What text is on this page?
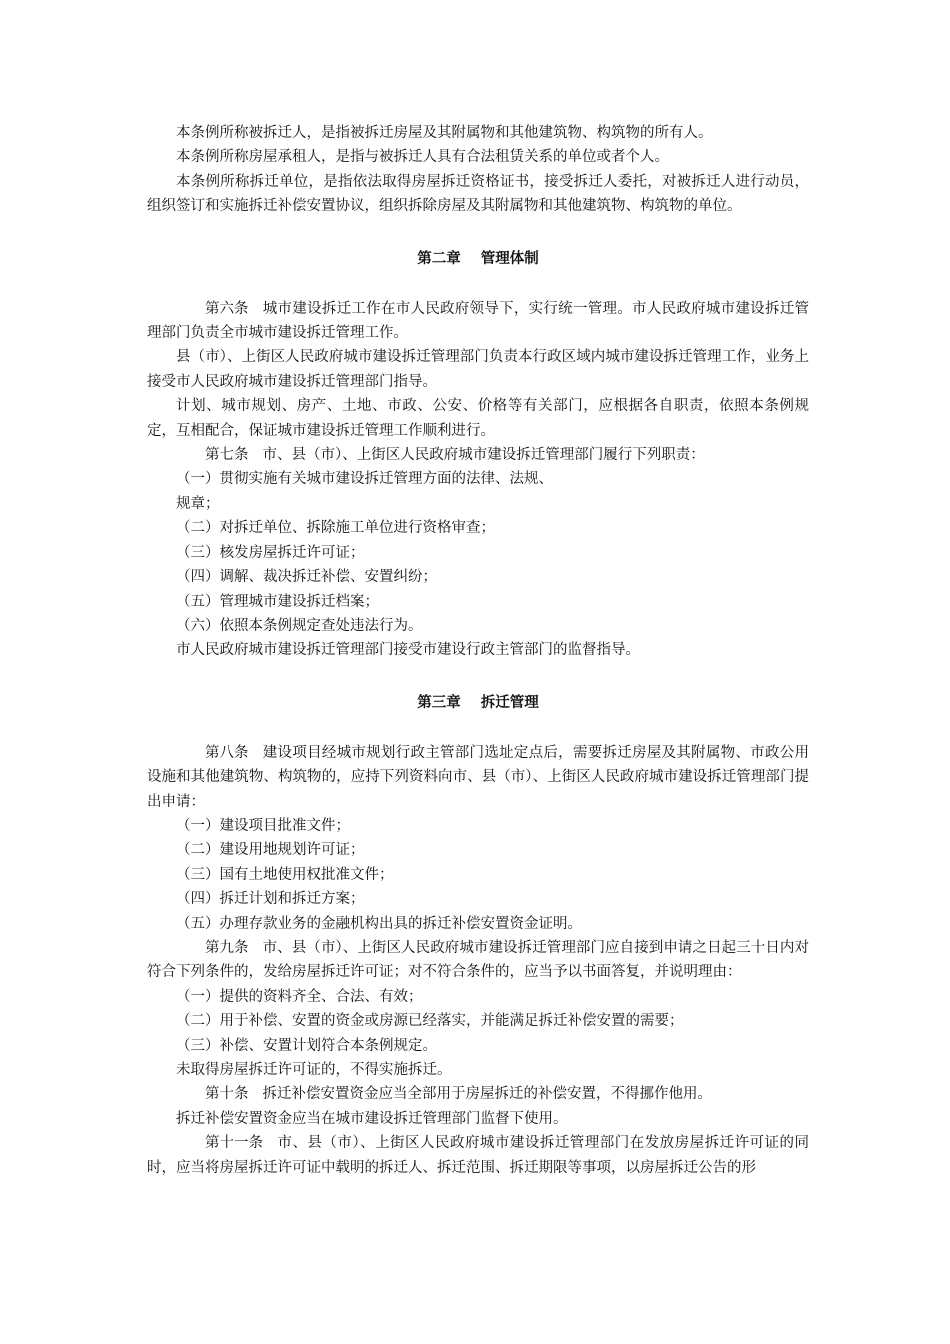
本条例所称被拆迁人，是指被拆迁房屋及其附属物和其他建筑物、构筑物的所有人。

本条例所称房屋承租人，是指与被拆迁人具有合法租赁关系的单位或者个人。

本条例所称拆迁单位，是指依法取得房屋拆迁资格证书，接受拆迁人委托，对被拆迁人进行动员，组织签订和实施拆迁补偿安置协议，组织拆除房屋及其附属物和其他建筑物、构筑物的单位。

第二章 管理体制

第六条 城市建设拆迁工作在市人民政府领导下，实行统一管理。市人民政府城市建设拆迁管理部门负责全市城市建设拆迁管理工作。

县（市）、上街区人民政府城市建设拆迁管理部门负责本行政区域内城市建设拆迁管理工作，业务上接受市人民政府城市建设拆迁管理部门指导。

计划、城市规划、房产、土地、市政、公安、价格等有关部门，应根据各自职责，依照本条例规定，互相配合，保证城市建设拆迁管理工作顺利进行。

第七条 市、县（市）、上街区人民政府城市建设拆迁管理部门履行下列职责：

（一）贯彻实施有关城市建设拆迁管理方面的法律、法规、

规章；

（二）对拆迁单位、拆除施工单位进行资格审查；

（三）核发房屋拆迁许可证；

（四）调解、裁决拆迁补偿、安置纠纷；

（五）管理城市建设拆迁档案；

（六）依照本条例规定查处违法行为。

市人民政府城市建设拆迁管理部门接受市建设行政主管部门的监督指导。

第三章 拆迁管理

第八条 建设项目经城市规划行政主管部门选址定点后，需要拆迁房屋及其附属物、市政公用设施和其他建筑物、构筑物的，应持下列资料向市、县（市）、上街区人民政府城市建设拆迁管理部门提出申请：

（一）建设项目批准文件；

（二）建设用地规划许可证；

（三）国有土地使用权批准文件；

（四）拆迁计划和拆迁方案；

（五）办理存款业务的金融机构出具的拆迁补偿安置资金证明。

第九条 市、县（市）、上街区人民政府城市建设拆迁管理部门应自接到申请之日起三十日内对符合下列条件的，发给房屋拆迁许可证；对不符合条件的，应当予以书面答复，并说明理由：

（一）提供的资料齐全、合法、有效；

（二）用于补偿、安置的资金或房源已经落实，并能满足拆迁补偿安置的需要；

（三）补偿、安置计划符合本条例规定。

未取得房屋拆迁许可证的，不得实施拆迁。

第十条 拆迁补偿安置资金应当全部用于房屋拆迁的补偿安置，不得挪作他用。

拆迁补偿安置资金应当在城市建设拆迁管理部门监督下使用。

第十一条 市、县（市）、上街区人民政府城市建设拆迁管理部门在发放房屋拆迁许可证的同时，应当将房屋拆迁许可证中载明的拆迁人、拆迁范围、拆迁期限等事项，以房屋拆迁公告的形
